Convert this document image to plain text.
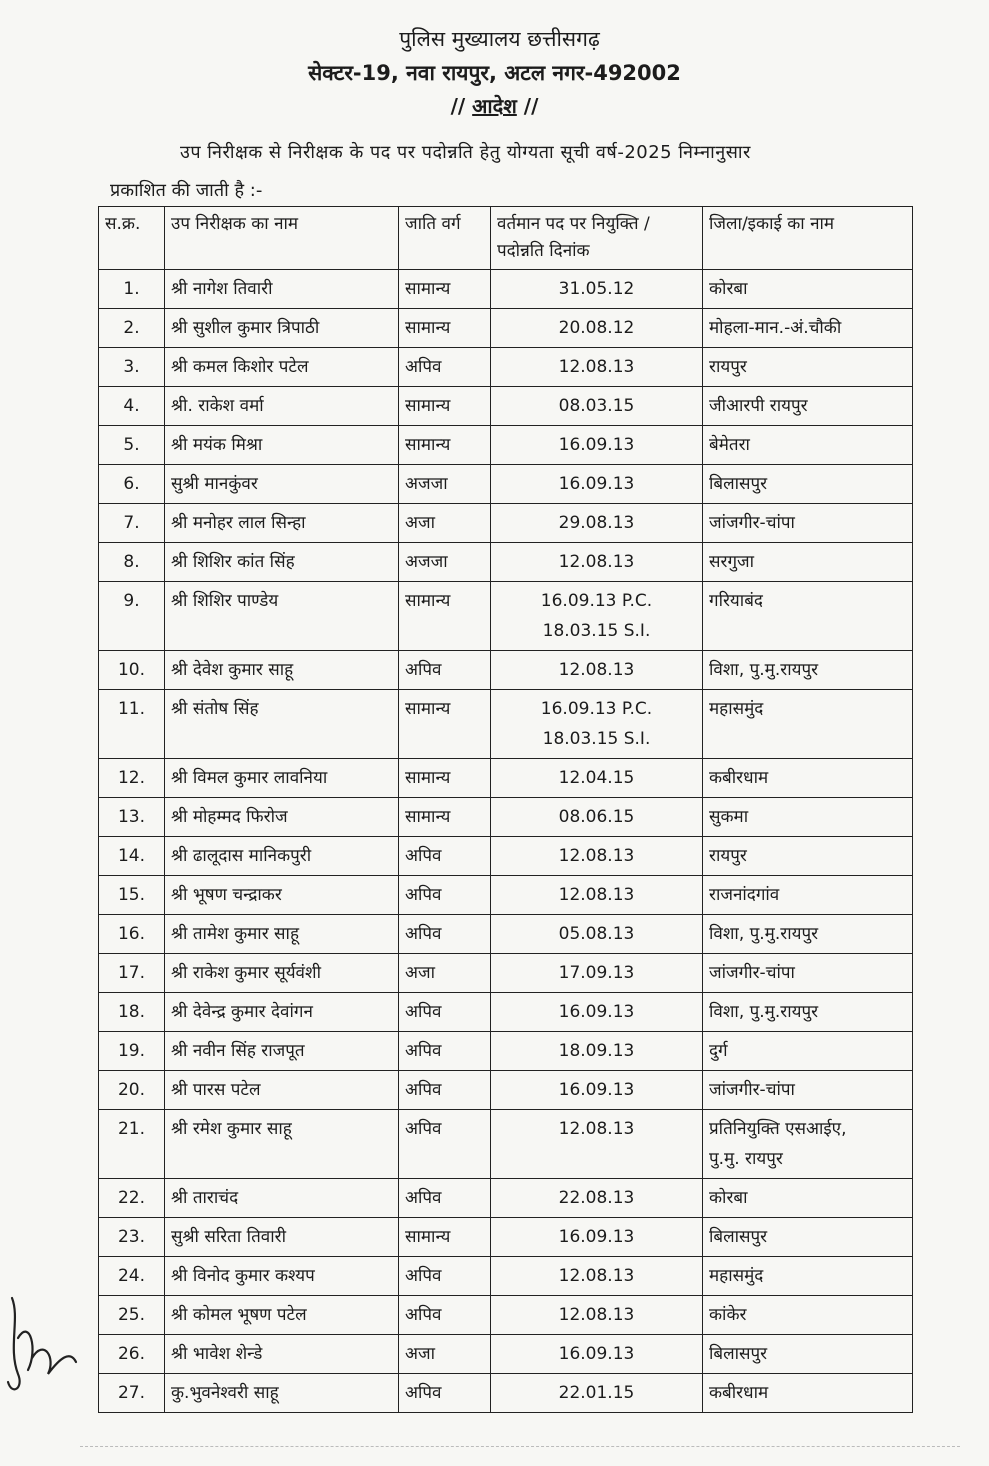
पुलिस मुख्यालय छत्तीसगढ़
सेक्टर-19, नवा रायपुर, अटल नगर-492002
// आदेश //
उप निरीक्षक से निरीक्षक के पद पर पदोन्नति हेतु योग्यता सूची वर्ष-2025 निम्नानुसार
प्रकाशित की जाती है :-
स.क्र.	उप निरीक्षक का नाम	जाति वर्ग	वर्तमान पद पर नियुक्ति /पदोन्नति दिनांक	जिला/इकाई का नाम

1.	श्री नागेश तिवारी	सामान्य	31.05.12	कोरबा

2.	श्री सुशील कुमार त्रिपाठी	सामान्य	20.08.12	मोहला-मान.-अं.चौकी

3.	श्री कमल किशोर पटेल	अपिव	12.08.13	रायपुर

4.	श्री. राकेश वर्मा	सामान्य	08.03.15	जीआरपी रायपुर

5.	श्री मयंक मिश्रा	सामान्य	16.09.13	बेमेतरा

6.	सुश्री मानकुंवर	अजजा	16.09.13	बिलासपुर

7.	श्री मनोहर लाल सिन्हा	अजा	29.08.13	जांजगीर-चांपा

8.	श्री शिशिर कांत सिंह	अजजा	12.08.13	सरगुजा

9.	श्री शिशिर पाण्डेय	सामान्य	16.09.13 P.C.
18.03.15 S.I.	गरियाबंद

10.	श्री देवेश कुमार साहू	अपिव	12.08.13	विशा, पु.मु.रायपुर

11.	श्री संतोष सिंह	सामान्य	16.09.13 P.C.
18.03.15 S.I.	महासमुंद

12.	श्री विमल कुमार लावनिया	सामान्य	12.04.15	कबीरधाम

13.	श्री मोहम्मद फिरोज	सामान्य	08.06.15	सुकमा

14.	श्री ढालूदास मानिकपुरी	अपिव	12.08.13	रायपुर

15.	श्री भूषण चन्द्राकर	अपिव	12.08.13	राजनांदगांव

16.	श्री तामेश कुमार साहू	अपिव	05.08.13	विशा, पु.मु.रायपुर

17.	श्री राकेश कुमार सूर्यवंशी	अजा	17.09.13	जांजगीर-चांपा

18.	श्री देवेन्द्र कुमार देवांगन	अपिव	16.09.13	विशा, पु.मु.रायपुर

19.	श्री नवीन सिंह राजपूत	अपिव	18.09.13	दुर्ग

20.	श्री पारस पटेल	अपिव	16.09.13	जांजगीर-चांपा

21.	श्री रमेश कुमार साहू	अपिव	12.08.13	प्रतिनियुक्ति एसआईए,
पु.मु. रायपुर

22.	श्री ताराचंद	अपिव	22.08.13	कोरबा

23.	सुश्री सरिता तिवारी	सामान्य	16.09.13	बिलासपुर

24.	श्री विनोद कुमार कश्यप	अपिव	12.08.13	महासमुंद

25.	श्री कोमल भूषण पटेल	अपिव	12.08.13	कांकेर

26.	श्री भावेश शेन्डे	अजा	16.09.13	बिलासपुर

27.	कु.भुवनेश्वरी साहू	अपिव	22.01.15	कबीरधाम
